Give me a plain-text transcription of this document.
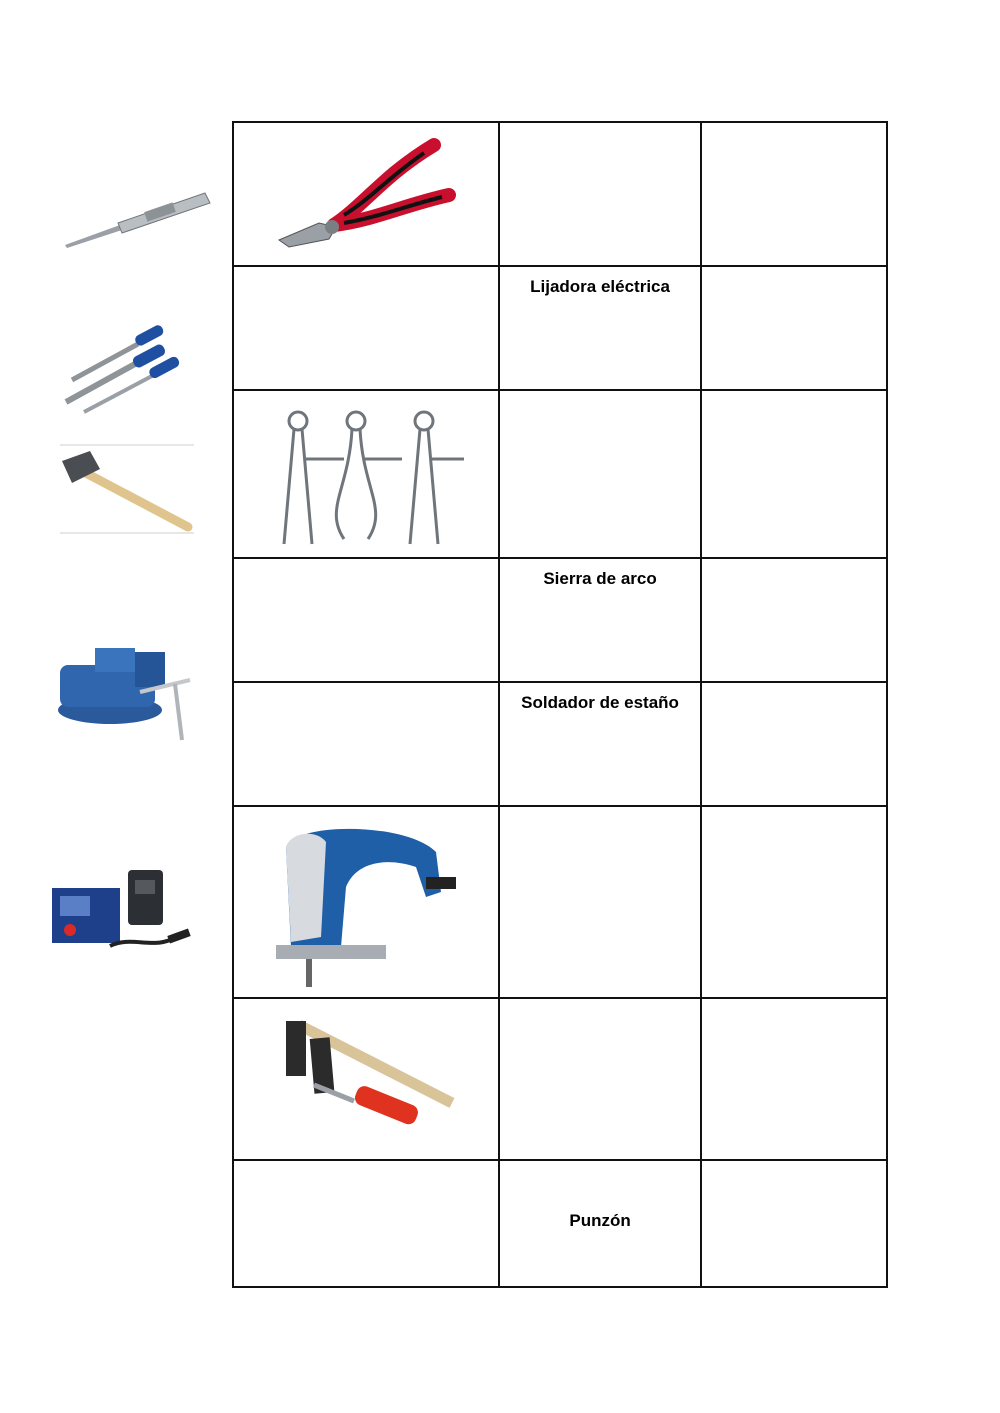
	Lijadora eléctrica	

	Sierra de arco	

	Soldador de estaño	

	Punzón	
